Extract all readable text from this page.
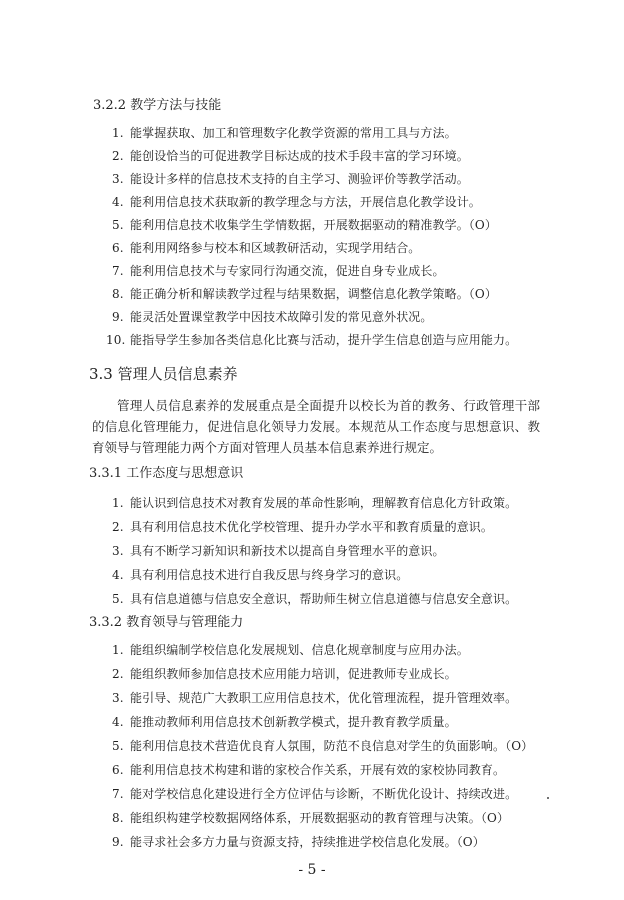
3.2.2 教学方法与技能
1. 能掌握获取、加工和管理数字化教学资源的常用工具与方法。
2. 能创设恰当的可促进教学目标达成的技术手段丰富的学习环境。
3. 能设计多样的信息技术支持的自主学习、测验评价等教学活动。
4. 能利用信息技术获取新的教学理念与方法，开展信息化教学设计。
5. 能利用信息技术收集学生学情数据，开展数据驱动的精准教学。（O）
6. 能利用网络参与校本和区域教研活动，实现学用结合。
7. 能利用信息技术与专家同行沟通交流，促进自身专业成长。
8. 能正确分析和解读教学过程与结果数据，调整信息化教学策略。（O）
9. 能灵活处置课堂教学中因技术故障引发的常见意外状况。
10. 能指导学生参加各类信息化比赛与活动，提升学生信息创造与应用能力。
3.3 管理人员信息素养
管理人员信息素养的发展重点是全面提升以校长为首的教务、行政管理干部的信息化管理能力，促进信息化领导力发展。本规范从工作态度与思想意识、教育领导与管理能力两个方面对管理人员基本信息素养进行规定。
3.3.1 工作态度与思想意识
1. 能认识到信息技术对教育发展的革命性影响，理解教育信息化方针政策。
2. 具有利用信息技术优化学校管理、提升办学水平和教育质量的意识。
3. 具有不断学习新知识和新技术以提高自身管理水平的意识。
4. 具有利用信息技术进行自我反思与终身学习的意识。
5. 具有信息道德与信息安全意识，帮助师生树立信息道德与信息安全意识。
3.3.2 教育领导与管理能力
1. 能组织编制学校信息化发展规划、信息化规章制度与应用办法。
2. 能组织教师参加信息技术应用能力培训，促进教师专业成长。
3. 能引导、规范广大教职工应用信息技术，优化管理流程，提升管理效率。
4. 能推动教师利用信息技术创新教学模式，提升教育教学质量。
5. 能利用信息技术营造优良育人氛围，防范不良信息对学生的负面影响。（O）
6. 能利用信息技术构建和谐的家校合作关系，开展有效的家校协同教育。
7. 能对学校信息化建设进行全方位评估与诊断，不断优化设计、持续改进。
8. 能组织构建学校数据网络体系，开展数据驱动的教育管理与决策。（O）
9. 能寻求社会多方力量与资源支持，持续推进学校信息化发展。（O）
- 5 -
